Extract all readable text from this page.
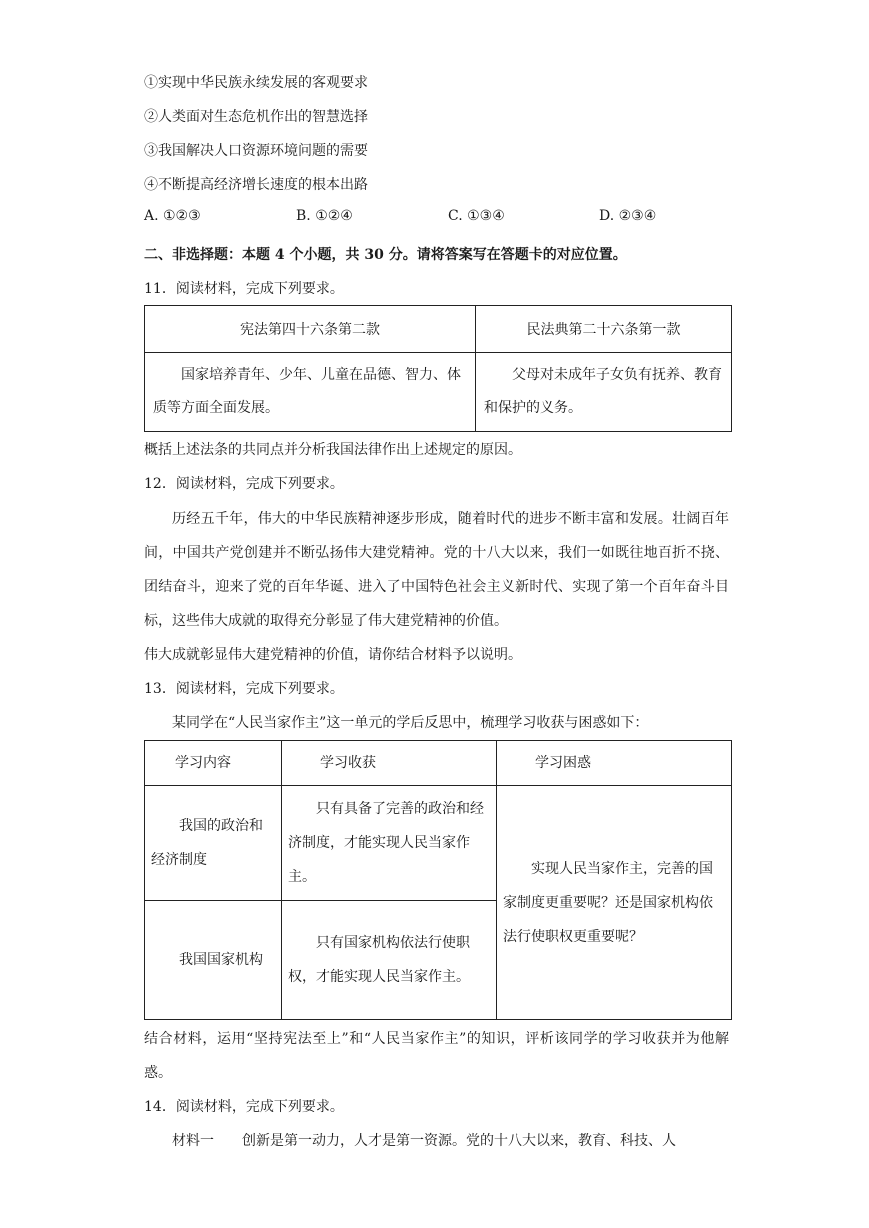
①实现中华民族永续发展的客观要求
②人类面对生态危机作出的智慧选择
③我国解决人口资源环境问题的需要
④不断提高经济增长速度的根本出路
A. ①②③	B. ①②④	C. ①③④	D. ②③④
二、非选择题：本题 4 个小题，共 30 分。请将答案写在答题卡的对应位置。
11．阅读材料，完成下列要求。
宪法第四十六条第二款	民法典第二十六条第一款
国家培养青年、少年、儿童在品德、智力、体质等方面全面发展。	父母对未成年子女负有抚养、教育和保护的义务。
概括上述法条的共同点并分析我国法律作出上述规定的原因。
12．阅读材料，完成下列要求。
历经五千年，伟大的中华民族精神逐步形成，随着时代的进步不断丰富和发展。壮阔百年间，中国共产党创建并不断弘扬伟大建党精神。党的十八大以来，我们一如既往地百折不挠、团结奋斗，迎来了党的百年华诞、进入了中国特色社会主义新时代、实现了第一个百年奋斗目标，这些伟大成就的取得充分彰显了伟大建党精神的价值。
伟大成就彰显伟大建党精神的价值，请你结合材料予以说明。
13．阅读材料，完成下列要求。
某同学在“人民当家作主”这一单元的学后反思中，梳理学习收获与困惑如下：
学习内容	学习收获	学习困惑
我国的政治和经济制度	只有具备了完善的政治和经济制度，才能实现人民当家作主。	实现人民当家作主，完善的国家制度更重要呢？还是国家机构依法行使职权更重要呢？
我国国家机构	只有国家机构依法行使职权，才能实现人民当家作主。	
结合材料，运用“坚持宪法至上”和“人民当家作主”的知识，评析该同学的学习收获并为他解惑。
14．阅读材料，完成下列要求。
材料一　　创新是第一动力，人才是第一资源。党的十八大以来，教育、科技、人
